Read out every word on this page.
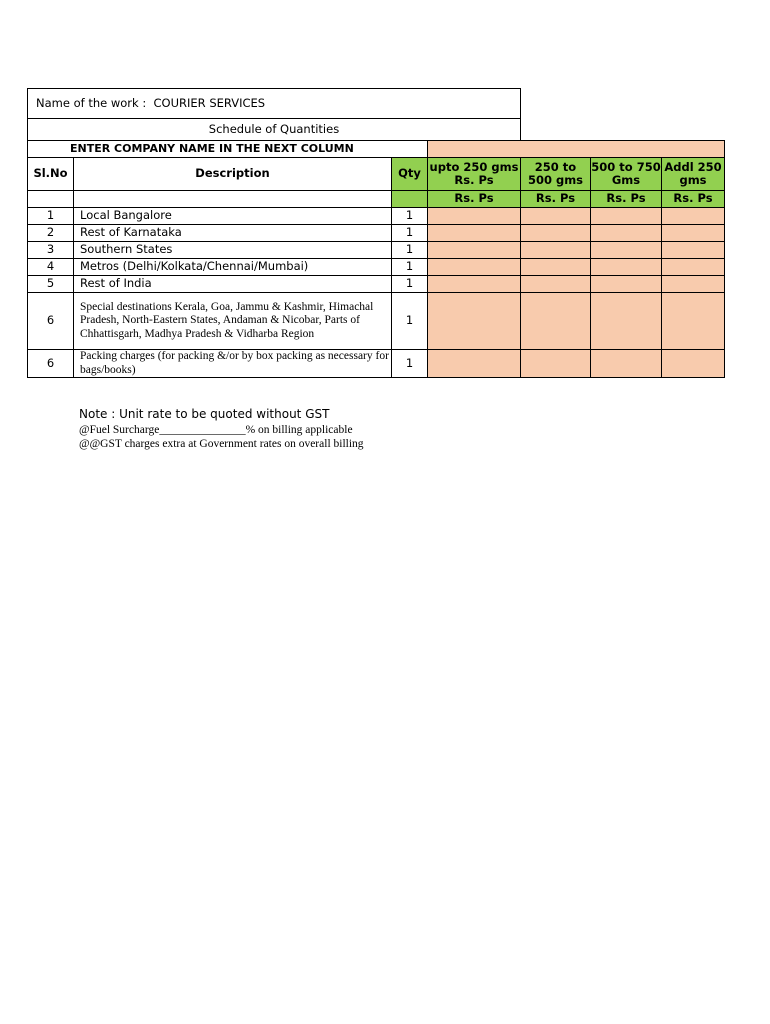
Name of the work : COURIER SERVICES						
Schedule of Quantities						
ENTER COMPANY NAME IN THE NEXT COLUMN						
Sl.No	Description	Qty	upto 250 gms Rs. Ps	250 to 500 gms	500 to 750 Gms	Addl 250 gms
			Rs. Ps	Rs. Ps	Rs. Ps	Rs. Ps
1	Local Bangalore	1				
2	Rest of Karnataka	1				
3	Southern States	1				
4	Metros (Delhi/Kolkata/Chennai/Mumbai)	1				
5	Rest of India	1				
6	Special destinations Kerala, Goa, Jammu & Kashmir, Himachal Pradesh, North-Eastern States, Andaman & Nicobar, Parts of Chhattisgarh, Madhya Pradesh & Vidharba Region	1				
6	Packing charges (for packing &/or by box packing as necessary for bags/books)	1				

Note : Unit rate to be quoted without GST

@Fuel Surcharge_______________% on billing applicable

@@GST charges extra at Government rates on overall billing
